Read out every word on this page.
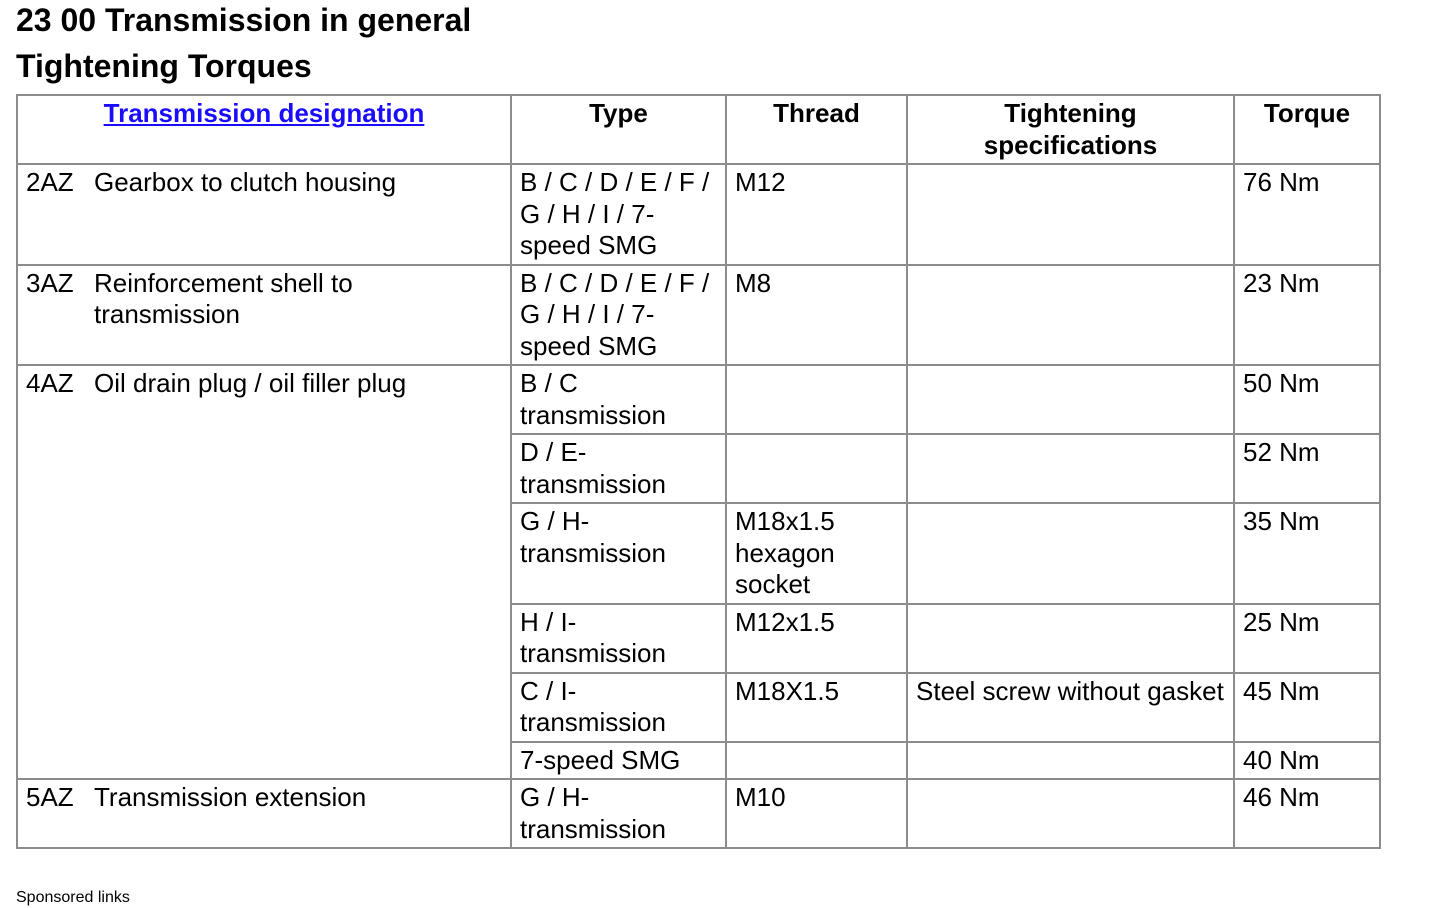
23 00 Transmission in general
Tightening Torques
Transmission designation	Type	Thread	Tightening specifications	Torque

2AZ Gearbox to clutch housing	B / C / D / E / F / G / H / I / 7-speed SMG	M12		76 Nm

3AZ Reinforcement shell to transmission	B / C / D / E / F / G / H / I / 7-speed SMG	M8		23 Nm

4AZ Oil drain plug / oil filler plug	B / C transmission			50 Nm
	D / E-transmission			52 Nm
	G / H-transmission	M18x1.5 hexagon socket		35 Nm
	H / I-transmission	M12x1.5		25 Nm
	C / I-transmission	M18X1.5	Steel screw without gasket	45 Nm
	7-speed SMG			40 Nm

5AZ Transmission extension	G / H-transmission	M10		46 Nm
Sponsored links
